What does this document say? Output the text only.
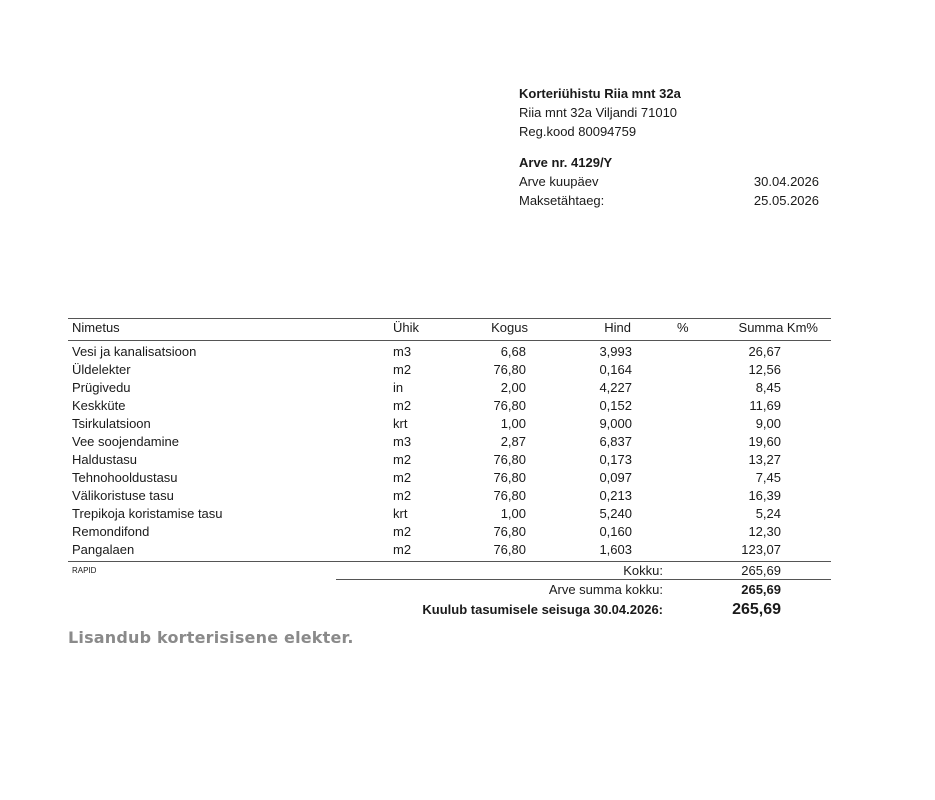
Korteriühistu Riia mnt 32a
Riia mnt 32a Viljandi 71010
Reg.kood 80094759
Arve nr. 4129/Y
Arve kuupäev	30.04.2026
Maksetähtaeg:	25.05.2026
Nimetus	Ühik	Kogus	Hind	%	Summa Km%
Vesi ja kanalisatsioon	m3	6,68	3,993	26,67
Üldelekter	m2	76,80	0,164	12,56
Prügivedu	in	2,00	4,227	8,45
Keskküte	m2	76,80	0,152	11,69
Tsirkulatsioon	krt	1,00	9,000	9,00
Vee soojendamine	m3	2,87	6,837	19,60
Haldustasu	m2	76,80	0,173	13,27
Tehnohooldustasu	m2	76,80	0,097	7,45
Välikoristuse tasu	m2	76,80	0,213	16,39
Trepikoja koristamise tasu	krt	1,00	5,240	5,24
Remondifond	m2	76,80	0,160	12,30
Pangalaen	m2	76,80	1,603	123,07
RAPID	Kokku:	265,69
Arve summa kokku:	265,69
Kuulub tasumisele seisuga 30.04.2026:	265,69
Lisandub korterisisene elekter.
